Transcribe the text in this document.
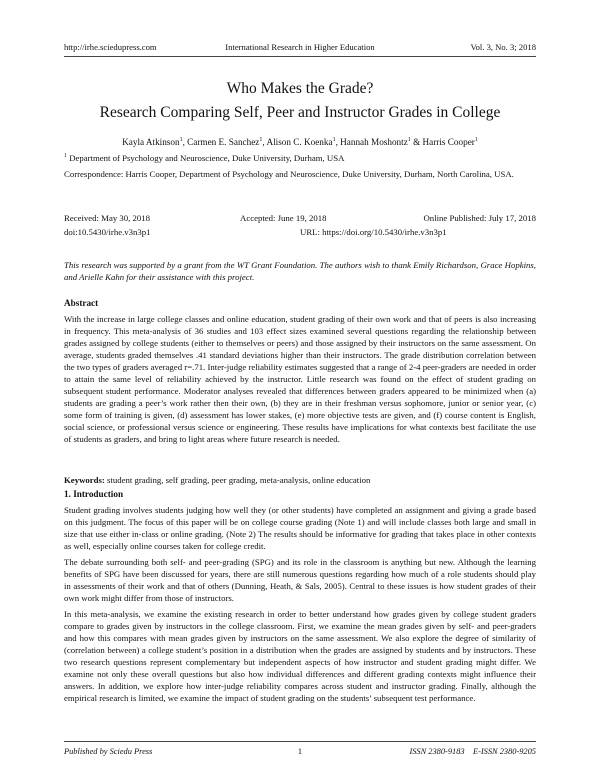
http://irhe.sciedupress.com	International Research in Higher Education	Vol. 3, No. 3; 2018
Who Makes the Grade?
Research Comparing Self, Peer and Instructor Grades in College
Kayla Atkinson$^1$, Carmen E. Sanchez$^1$, Alison C. Koenka$^1$, Hannah Moshontz$^1$ & Harris Cooper$^1$
$^1$ Department of Psychology and Neuroscience, Duke University, Durham, USA
Correspondence: Harris Cooper, Department of Psychology and Neuroscience, Duke University, Durham, North Carolina, USA.
Received: May 30, 2018	Accepted: June 19, 2018	Online Published: July 17, 2018
doi:10.5430/irhe.v3n3p1	URL: https://doi.org/10.5430/irhe.v3n3p1
This research was supported by a grant from the WT Grant Foundation. The authors wish to thank Emily Richardson, Grace Hopkins, and Arielle Kahn for their assistance with this project.
Abstract
With the increase in large college classes and online education, student grading of their own work and that of peers is also increasing in frequency. This meta-analysis of 36 studies and 103 effect sizes examined several questions regarding the relationship between grades assigned by college students (either to themselves or peers) and those assigned by their instructors on the same assessment. On average, students graded themselves .41 standard deviations higher than their instructors. The grade distribution correlation between the two types of graders averaged r=.71. Inter-judge reliability estimates suggested that a range of 2-4 peer-graders are needed in order to attain the same level of reliability achieved by the instructor. Little research was found on the effect of student grading on subsequent student performance. Moderator analyses revealed that differences between graders appeared to be minimized when (a) students are grading a peer’s work rather then their own, (b) they are in their freshman versus sophomore, junior or senior year, (c) some form of training is given, (d) assessment has lower stakes, (e) more objective tests are given, and (f) course content is English, social science, or professional versus science or engineering. These results have implications for what contexts best facilitate the use of students as graders, and bring to light areas where future research is needed.
Keywords: student grading, self grading, peer grading, meta-analysis, online education
1. Introduction
Student grading involves students judging how well they (or other students) have completed an assignment and giving a grade based on this judgment. The focus of this paper will be on college course grading (Note 1) and will include classes both large and small in size that use either in-class or online grading. (Note 2) The results should be informative for grading that takes place in other contexts as well, especially online courses taken for college credit.
The debate surrounding both self- and peer-grading (SPG) and its role in the classroom is anything but new. Although the learning benefits of SPG have been discussed for years, there are still numerous questions regarding how much of a role students should play in assessments of their work and that of others (Dunning, Heath, & Sals, 2005). Central to these issues is how student grades of their own work might differ from those of instructors.
In this meta-analysis, we examine the existing research in order to better understand how grades given by college student graders compare to grades given by instructors in the college classroom. First, we examine the mean grades given by self- and peer-graders and how this compares with mean grades given by instructors on the same assessment. We also explore the degree of similarity of (correlation between) a college student’s position in a distribution when the grades are assigned by students and by instructors. These two research questions represent complementary but independent aspects of how instructor and student grading might differ. We examine not only these overall questions but also how individual differences and different grading contexts might influence their answers. In addition, we explore how inter-judge reliability compares across student and instructor grading. Finally, although the empirical research is limited, we examine the impact of student grading on the students’ subsequent test performance.
Published by Sciedu Press	1	ISSN 2380-9183    E-ISSN 2380-9205
